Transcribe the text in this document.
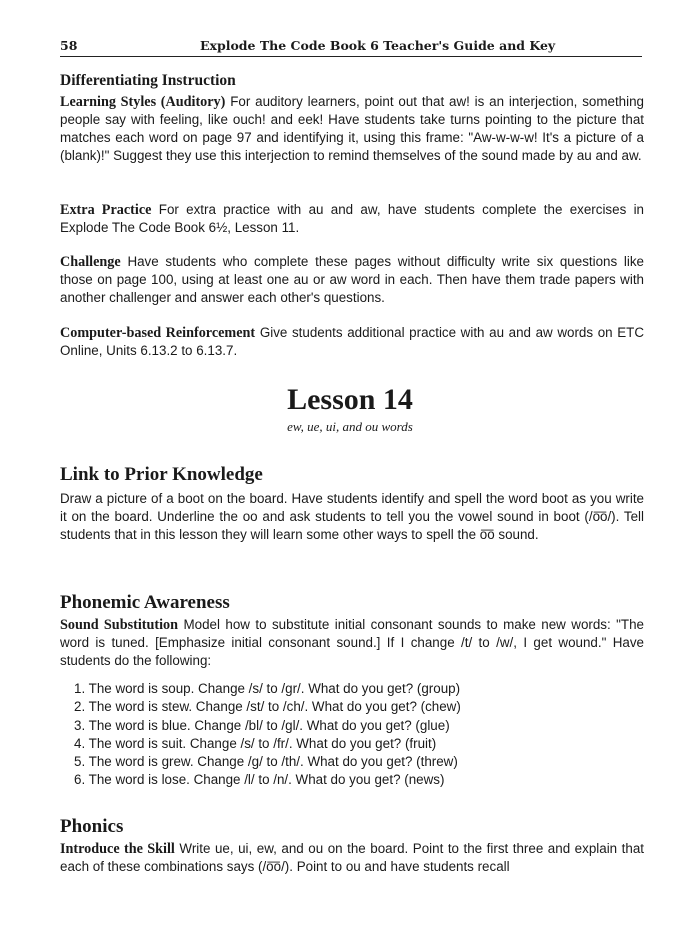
58	Explode The Code Book 6 Teacher's Guide and Key
Differentiating Instruction
Learning Styles (Auditory) For auditory learners, point out that aw! is an interjection, something people say with feeling, like ouch! and eek! Have students take turns pointing to the picture that matches each word on page 97 and identifying it, using this frame: "Aw-w-w-w! It's a picture of a (blank)!" Suggest they use this interjection to remind themselves of the sound made by au and aw.
Extra Practice For extra practice with au and aw, have students complete the exercises in Explode The Code Book 6½, Lesson 11.
Challenge Have students who complete these pages without difficulty write six questions like those on page 100, using at least one au or aw word in each. Then have them trade papers with another challenger and answer each other's questions.
Computer-based Reinforcement Give students additional practice with au and aw words on ETC Online, Units 6.13.2 to 6.13.7.
Lesson 14
ew, ue, ui, and ou words
Link to Prior Knowledge
Draw a picture of a boot on the board. Have students identify and spell the word boot as you write it on the board. Underline the oo and ask students to tell you the vowel sound in boot (/o͞o/). Tell students that in this lesson they will learn some other ways to spell the o͞o sound.
Phonemic Awareness
Sound Substitution Model how to substitute initial consonant sounds to make new words: "The word is tuned. [Emphasize initial consonant sound.] If I change /t/ to /w/, I get wound." Have students do the following:
1. The word is soup. Change /s/ to /gr/. What do you get? (group)
2. The word is stew. Change /st/ to /ch/. What do you get? (chew)
3. The word is blue. Change /bl/ to /gl/. What do you get? (glue)
4. The word is suit. Change /s/ to /fr/. What do you get? (fruit)
5. The word is grew. Change /g/ to /th/. What do you get? (threw)
6. The word is lose. Change /l/ to /n/. What do you get? (news)
Phonics
Introduce the Skill Write ue, ui, ew, and ou on the board. Point to the first three and explain that each of these combinations says (/o͞o/). Point to ou and have students recall
